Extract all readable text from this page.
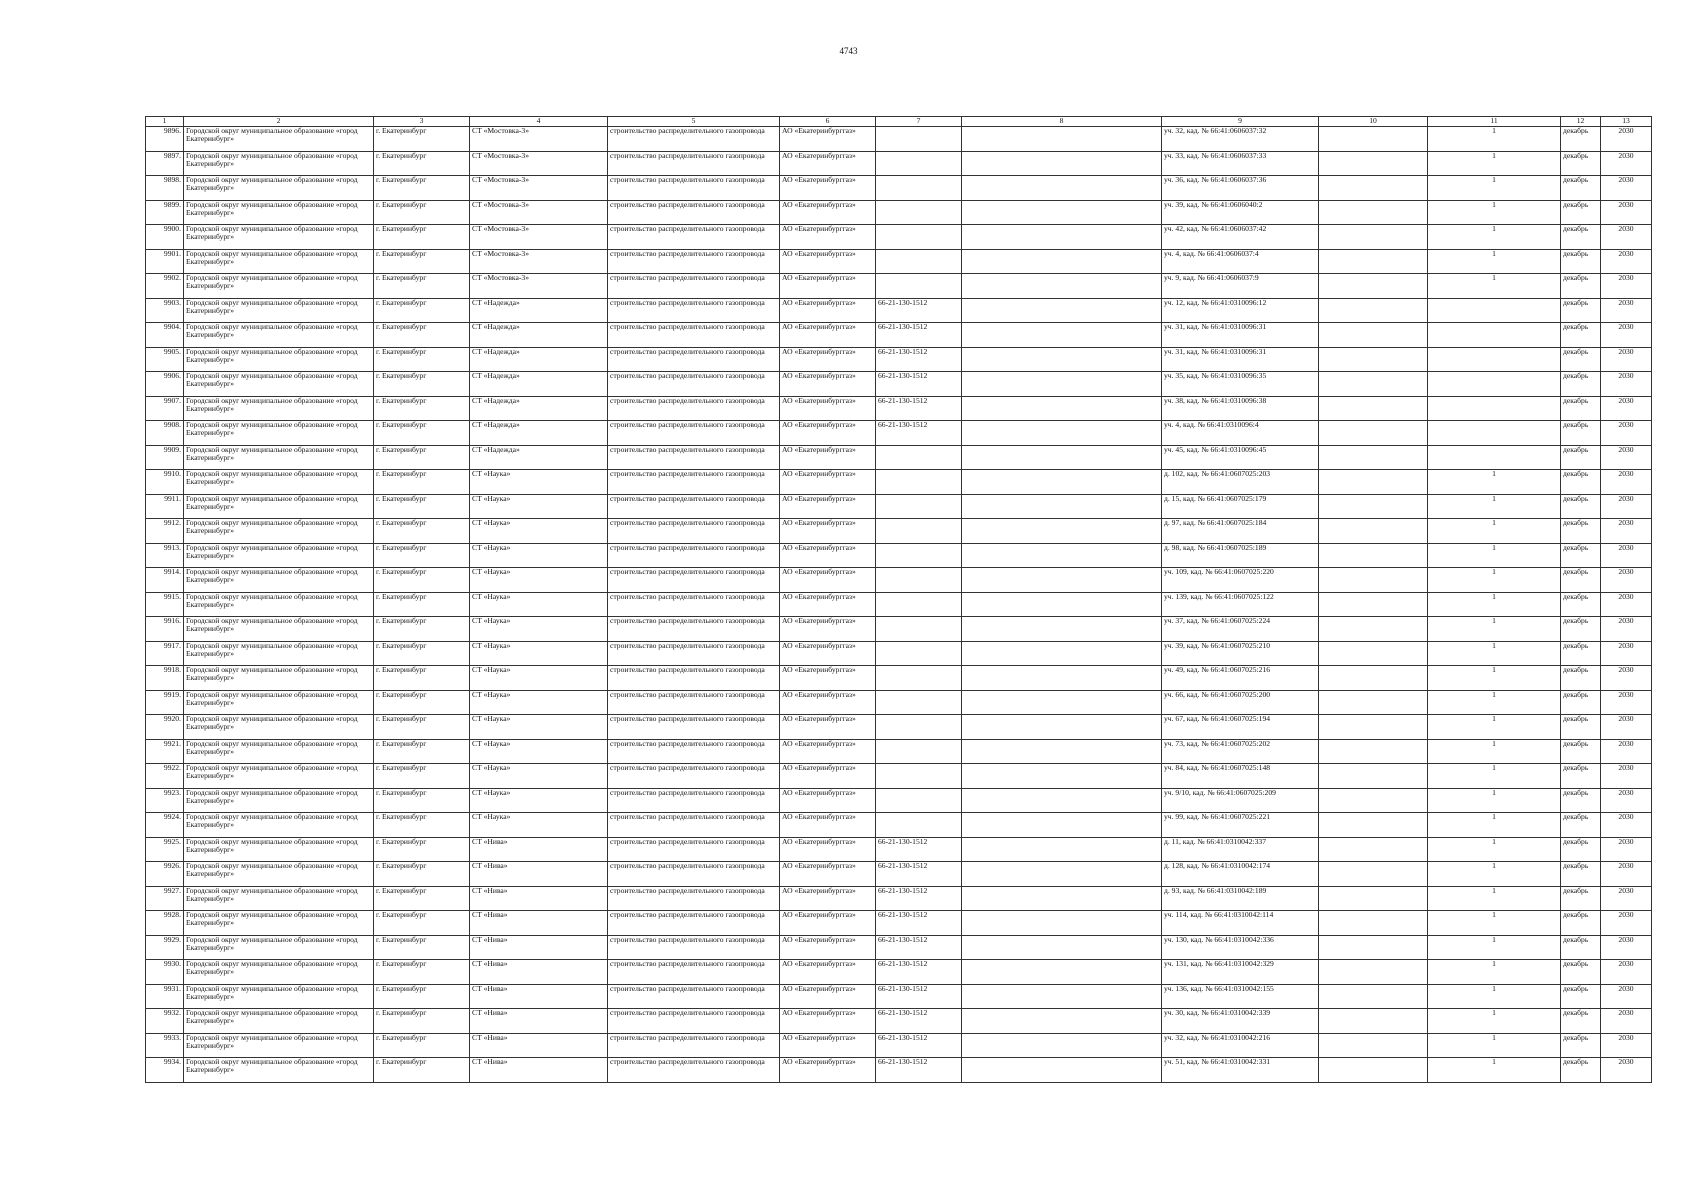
4743
1	2	3	4	5	6	7	8	9	10	11	12	13
9896.	Городской округ муниципальное образование «город Екатеринбург»	г. Екатеринбург	СТ «Мостовка-3»	строительство распределительного газопровода	АО «Екатеринбурггаз»			уч. 32, кад. № 66:41:0606037:32		1	декабрь	2030
9897.	Городской округ муниципальное образование «город Екатеринбург»	г. Екатеринбург	СТ «Мостовка-3»	строительство распределительного газопровода	АО «Екатеринбурггаз»			уч. 33, кад. № 66:41:0606037:33		1	декабрь	2030
9898.	Городской округ муниципальное образование «город Екатеринбург»	г. Екатеринбург	СТ «Мостовка-3»	строительство распределительного газопровода	АО «Екатеринбурггаз»			уч. 36, кад. № 66:41:0606037:36		1	декабрь	2030
9899.	Городской округ муниципальное образование «город Екатеринбург»	г. Екатеринбург	СТ «Мостовка-3»	строительство распределительного газопровода	АО «Екатеринбурггаз»			уч. 39, кад. № 66:41:0606040:2		1	декабрь	2030
9900.	Городской округ муниципальное образование «город Екатеринбург»	г. Екатеринбург	СТ «Мостовка-3»	строительство распределительного газопровода	АО «Екатеринбурггаз»			уч. 42, кад. № 66:41:0606037:42		1	декабрь	2030
9901.	Городской округ муниципальное образование «город Екатеринбург»	г. Екатеринбург	СТ «Мостовка-3»	строительство распределительного газопровода	АО «Екатеринбурггаз»			уч. 4, кад. № 66:41:0606037:4		1	декабрь	2030
9902.	Городской округ муниципальное образование «город Екатеринбург»	г. Екатеринбург	СТ «Мостовка-3»	строительство распределительного газопровода	АО «Екатеринбурггаз»			уч. 9, кад. № 66:41:0606037:9		1	декабрь	2030
9903.	Городской округ муниципальное образование «город Екатеринбург»	г. Екатеринбург	СТ «Надежда»	строительство распределительного газопровода	АО «Екатеринбурггаз»	66-21-130-1512		уч. 12, кад. № 66:41:0310096:12			декабрь	2030
9904.	Городской округ муниципальное образование «город Екатеринбург»	г. Екатеринбург	СТ «Надежда»	строительство распределительного газопровода	АО «Екатеринбурггаз»	66-21-130-1512		уч. 31, кад. № 66:41:0310096:31			декабрь	2030
9905.	Городской округ муниципальное образование «город Екатеринбург»	г. Екатеринбург	СТ «Надежда»	строительство распределительного газопровода	АО «Екатеринбурггаз»	66-21-130-1512		уч. 31, кад. № 66:41:0310096:31			декабрь	2030
9906.	Городской округ муниципальное образование «город Екатеринбург»	г. Екатеринбург	СТ «Надежда»	строительство распределительного газопровода	АО «Екатеринбурггаз»	66-21-130-1512		уч. 35, кад. № 66:41:0310096:35			декабрь	2030
9907.	Городской округ муниципальное образование «город Екатеринбург»	г. Екатеринбург	СТ «Надежда»	строительство распределительного газопровода	АО «Екатеринбурггаз»	66-21-130-1512		уч. 38, кад. № 66:41:0310096:38			декабрь	2030
9908.	Городской округ муниципальное образование «город Екатеринбург»	г. Екатеринбург	СТ «Надежда»	строительство распределительного газопровода	АО «Екатеринбурггаз»	66-21-130-1512		уч. 4, кад. № 66:41:0310096:4			декабрь	2030
9909.	Городской округ муниципальное образование «город Екатеринбург»	г. Екатеринбург	СТ «Надежда»	строительство распределительного газопровода	АО «Екатеринбурггаз»			уч. 45, кад. № 66:41:0310096:45			декабрь	2030
9910.	Городской округ муниципальное образование «город Екатеринбург»	г. Екатеринбург	СТ «Наука»	строительство распределительного газопровода	АО «Екатеринбурггаз»			д. 102, кад. № 66:41:0607025:203		1	декабрь	2030
9911.	Городской округ муниципальное образование «город Екатеринбург»	г. Екатеринбург	СТ «Наука»	строительство распределительного газопровода	АО «Екатеринбурггаз»			д. 15, кад. № 66:41:0607025:179		1	декабрь	2030
9912.	Городской округ муниципальное образование «город Екатеринбург»	г. Екатеринбург	СТ «Наука»	строительство распределительного газопровода	АО «Екатеринбурггаз»			д. 97, кад. № 66:41:0607025:184		1	декабрь	2030
9913.	Городской округ муниципальное образование «город Екатеринбург»	г. Екатеринбург	СТ «Наука»	строительство распределительного газопровода	АО «Екатеринбурггаз»			д. 98, кад. № 66:41:0607025:189		1	декабрь	2030
9914.	Городской округ муниципальное образование «город Екатеринбург»	г. Екатеринбург	СТ «Наука»	строительство распределительного газопровода	АО «Екатеринбурггаз»			уч. 109, кад. № 66:41:0607025:220		1	декабрь	2030
9915.	Городской округ муниципальное образование «город Екатеринбург»	г. Екатеринбург	СТ «Наука»	строительство распределительного газопровода	АО «Екатеринбурггаз»			уч. 139, кад. № 66:41:0607025:122		1	декабрь	2030
9916.	Городской округ муниципальное образование «город Екатеринбург»	г. Екатеринбург	СТ «Наука»	строительство распределительного газопровода	АО «Екатеринбурггаз»			уч. 37, кад. № 66:41:0607025:224		1	декабрь	2030
9917.	Городской округ муниципальное образование «город Екатеринбург»	г. Екатеринбург	СТ «Наука»	строительство распределительного газопровода	АО «Екатеринбурггаз»			уч. 39, кад. № 66:41:0607025:210		1	декабрь	2030
9918.	Городской округ муниципальное образование «город Екатеринбург»	г. Екатеринбург	СТ «Наука»	строительство распределительного газопровода	АО «Екатеринбурггаз»			уч. 49, кад. № 66:41:0607025:216		1	декабрь	2030
9919.	Городской округ муниципальное образование «город Екатеринбург»	г. Екатеринбург	СТ «Наука»	строительство распределительного газопровода	АО «Екатеринбурггаз»			уч. 66, кад. № 66:41:0607025:200		1	декабрь	2030
9920.	Городской округ муниципальное образование «город Екатеринбург»	г. Екатеринбург	СТ «Наука»	строительство распределительного газопровода	АО «Екатеринбурггаз»			уч. 67, кад. № 66:41:0607025:194		1	декабрь	2030
9921.	Городской округ муниципальное образование «город Екатеринбург»	г. Екатеринбург	СТ «Наука»	строительство распределительного газопровода	АО «Екатеринбурггаз»			уч. 73, кад. № 66:41:0607025:202		1	декабрь	2030
9922.	Городской округ муниципальное образование «город Екатеринбург»	г. Екатеринбург	СТ «Наука»	строительство распределительного газопровода	АО «Екатеринбурггаз»			уч. 84, кад. № 66:41:0607025:148		1	декабрь	2030
9923.	Городской округ муниципальное образование «город Екатеринбург»	г. Екатеринбург	СТ «Наука»	строительство распределительного газопровода	АО «Екатеринбурггаз»			уч. 9/10, кад. № 66:41:0607025:209		1	декабрь	2030
9924.	Городской округ муниципальное образование «город Екатеринбург»	г. Екатеринбург	СТ «Наука»	строительство распределительного газопровода	АО «Екатеринбурггаз»			уч. 99, кад. № 66:41:0607025:221		1	декабрь	2030
9925.	Городской округ муниципальное образование «город Екатеринбург»	г. Екатеринбург	СТ «Нива»	строительство распределительного газопровода	АО «Екатеринбурггаз»	66-21-130-1512		д. 11, кад. № 66:41:0310042:337		1	декабрь	2030
9926.	Городской округ муниципальное образование «город Екатеринбург»	г. Екатеринбург	СТ «Нива»	строительство распределительного газопровода	АО «Екатеринбурггаз»	66-21-130-1512		д. 128, кад. № 66:41:0310042:174		1	декабрь	2030
9927.	Городской округ муниципальное образование «город Екатеринбург»	г. Екатеринбург	СТ «Нива»	строительство распределительного газопровода	АО «Екатеринбурггаз»	66-21-130-1512		д. 93, кад. № 66:41:0310042:189		1	декабрь	2030
9928.	Городской округ муниципальное образование «город Екатеринбург»	г. Екатеринбург	СТ «Нива»	строительство распределительного газопровода	АО «Екатеринбурггаз»	66-21-130-1512		уч. 114, кад. № 66:41:0310042:114		1	декабрь	2030
9929.	Городской округ муниципальное образование «город Екатеринбург»	г. Екатеринбург	СТ «Нива»	строительство распределительного газопровода	АО «Екатеринбурггаз»	66-21-130-1512		уч. 130, кад. № 66:41:0310042:336		1	декабрь	2030
9930.	Городской округ муниципальное образование «город Екатеринбург»	г. Екатеринбург	СТ «Нива»	строительство распределительного газопровода	АО «Екатеринбурггаз»	66-21-130-1512		уч. 131, кад. № 66:41:0310042:329		1	декабрь	2030
9931.	Городской округ муниципальное образование «город Екатеринбург»	г. Екатеринбург	СТ «Нива»	строительство распределительного газопровода	АО «Екатеринбурггаз»	66-21-130-1512		уч. 136, кад. № 66:41:0310042:155		1	декабрь	2030
9932.	Городской округ муниципальное образование «город Екатеринбург»	г. Екатеринбург	СТ «Нива»	строительство распределительного газопровода	АО «Екатеринбурггаз»	66-21-130-1512		уч. 30, кад. № 66:41:0310042:339		1	декабрь	2030
9933.	Городской округ муниципальное образование «город Екатеринбург»	г. Екатеринбург	СТ «Нива»	строительство распределительного газопровода	АО «Екатеринбурггаз»	66-21-130-1512		уч. 32, кад. № 66:41:0310042:216		1	декабрь	2030
9934.	Городской округ муниципальное образование «город Екатеринбург»	г. Екатеринбург	СТ «Нива»	строительство распределительного газопровода	АО «Екатеринбурггаз»	66-21-130-1512		уч. 51, кад. № 66:41:0310042:331		1	декабрь	2030
